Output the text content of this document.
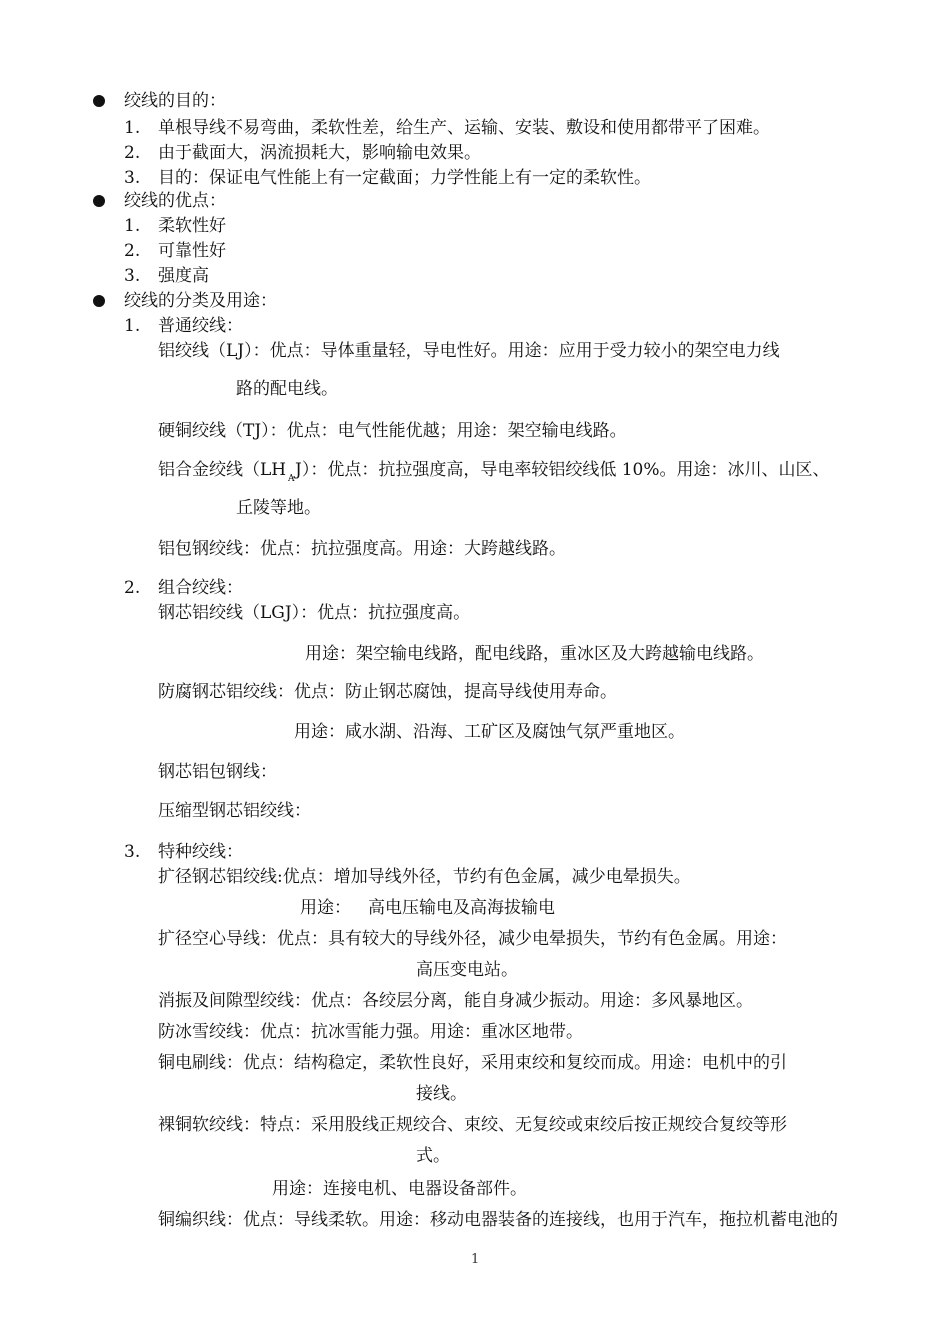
绞线的目的：
1. 单根导线不易弯曲，柔软性差，给生产、运输、安装、敷设和使用都带平了困难。
2. 由于截面大，涡流损耗大，影响输电效果。
3. 目的：保证电气性能上有一定截面；力学性能上有一定的柔软性。
绞线的优点：
1. 柔软性好
2. 可靠性好
3. 强度高
绞线的分类及用途：
1. 普通绞线：
铝绞线（LJ）：优点：导体重量轻，导电性好。用途：应用于受力较小的架空电力线
路的配电线。
硬铜绞线（TJ）：优点：电气性能优越；用途：架空输电线路。
铝合金绞线（LH J）：优点：抗拉强度高，导电率较铝绞线低 10%。用途：冰川、山区、
A
丘陵等地。
铝包钢绞线：优点：抗拉强度高。用途：大跨越线路。
2. 组合绞线：
钢芯铝绞线（LGJ）：优点：抗拉强度高。
用途：架空输电线路，配电线路，重冰区及大跨越输电线路。
防腐钢芯铝绞线：优点：防止钢芯腐蚀，提高导线使用寿命。
用途：咸水湖、沿海、工矿区及腐蚀气氛严重地区。
钢芯铝包钢线：
压缩型钢芯铝绞线：
3. 特种绞线：
扩径钢芯铝绞线:优点：增加导线外径，节约有色金属，减少电晕损失。
用途： 高电压输电及高海拔输电
扩径空心导线：优点：具有较大的导线外径，减少电晕损失，节约有色金属。用途：
高压变电站。
消振及间隙型绞线：优点：各绞层分离，能自身减少振动。用途：多风暴地区。
防冰雪绞线：优点：抗冰雪能力强。用途：重冰区地带。
铜电刷线：优点：结构稳定，柔软性良好，采用束绞和复绞而成。用途：电机中的引
接线。
裸铜软绞线：特点：采用股线正规绞合、束绞、无复绞或束绞后按正规绞合复绞等形
式。
用途：连接电机、电器设备部件。
铜编织线：优点：导线柔软。用途：移动电器装备的连接线，也用于汽车，拖拉机蓄电池的
1
